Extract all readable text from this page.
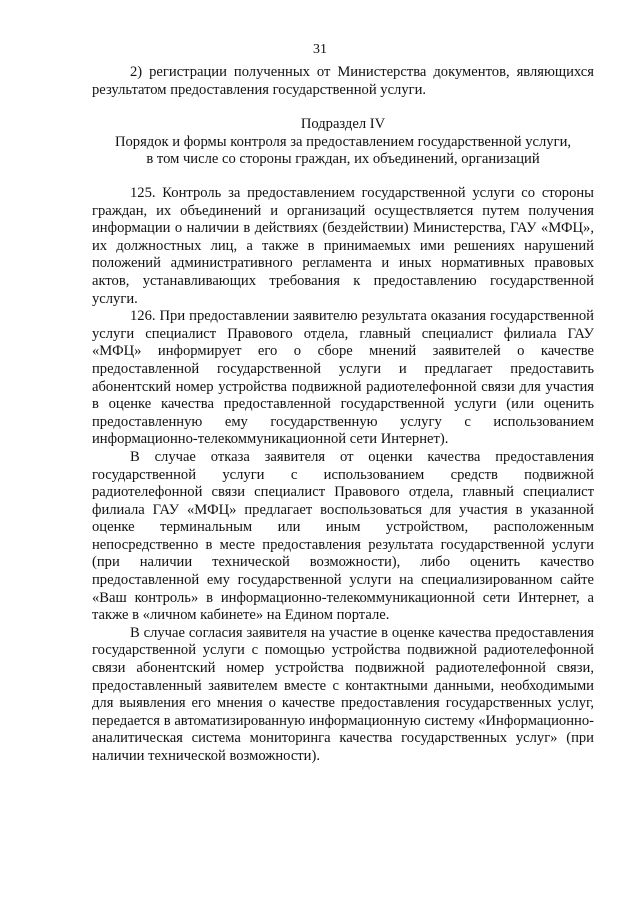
31

2) регистрации полученных от Министерства документов, являющихся результатом предоставления государственной услуги.

Подраздел IV
Порядок и формы контроля за предоставлением государственной услуги,
в том числе со стороны граждан, их объединений, организаций

125. Контроль за предоставлением государственной услуги со стороны граждан, их объединений и организаций осуществляется путем получения информации о наличии в действиях (бездействии) Министерства, ГАУ «МФЦ», их должностных лиц, а также в принимаемых ими решениях нарушений положений административного регламента и иных нормативных правовых актов, устанавливающих требования к предоставлению государственной услуги.

126. При предоставлении заявителю результата оказания государственной услуги специалист Правового отдела, главный специалист филиала ГАУ «МФЦ» информирует его о сборе мнений заявителей о качестве предоставленной государственной услуги и предлагает предоставить абонентский номер устройства подвижной радиотелефонной связи для участия в оценке качества предоставленной государственной услуги (или оценить предоставленную ему государственную услугу с использованием информационно-телекоммуникационной сети Интернет).

В случае отказа заявителя от оценки качества предоставления государственной услуги с использованием средств подвижной радиотелефонной связи специалист Правового отдела, главный специалист филиала ГАУ «МФЦ» предлагает воспользоваться для участия в указанной оценке терминальным или иным устройством, расположенным непосредственно в месте предоставления результата государственной услуги (при наличии технической возможности), либо оценить качество предоставленной ему государственной услуги на специализированном сайте «Ваш контроль» в информационно-телекоммуникационной сети Интернет, а также в «личном кабинете» на Едином портале.

В случае согласия заявителя на участие в оценке качества предоставления государственной услуги с помощью устройства подвижной радиотелефонной связи абонентский номер устройства подвижной радиотелефонной связи, предоставленный заявителем вместе с контактными данными, необходимыми для выявления его мнения о качестве предоставления государственных услуг, передается в автоматизированную информационную систему «Информационно-аналитическая система мониторинга качества государственных услуг» (при наличии технической возможности).
